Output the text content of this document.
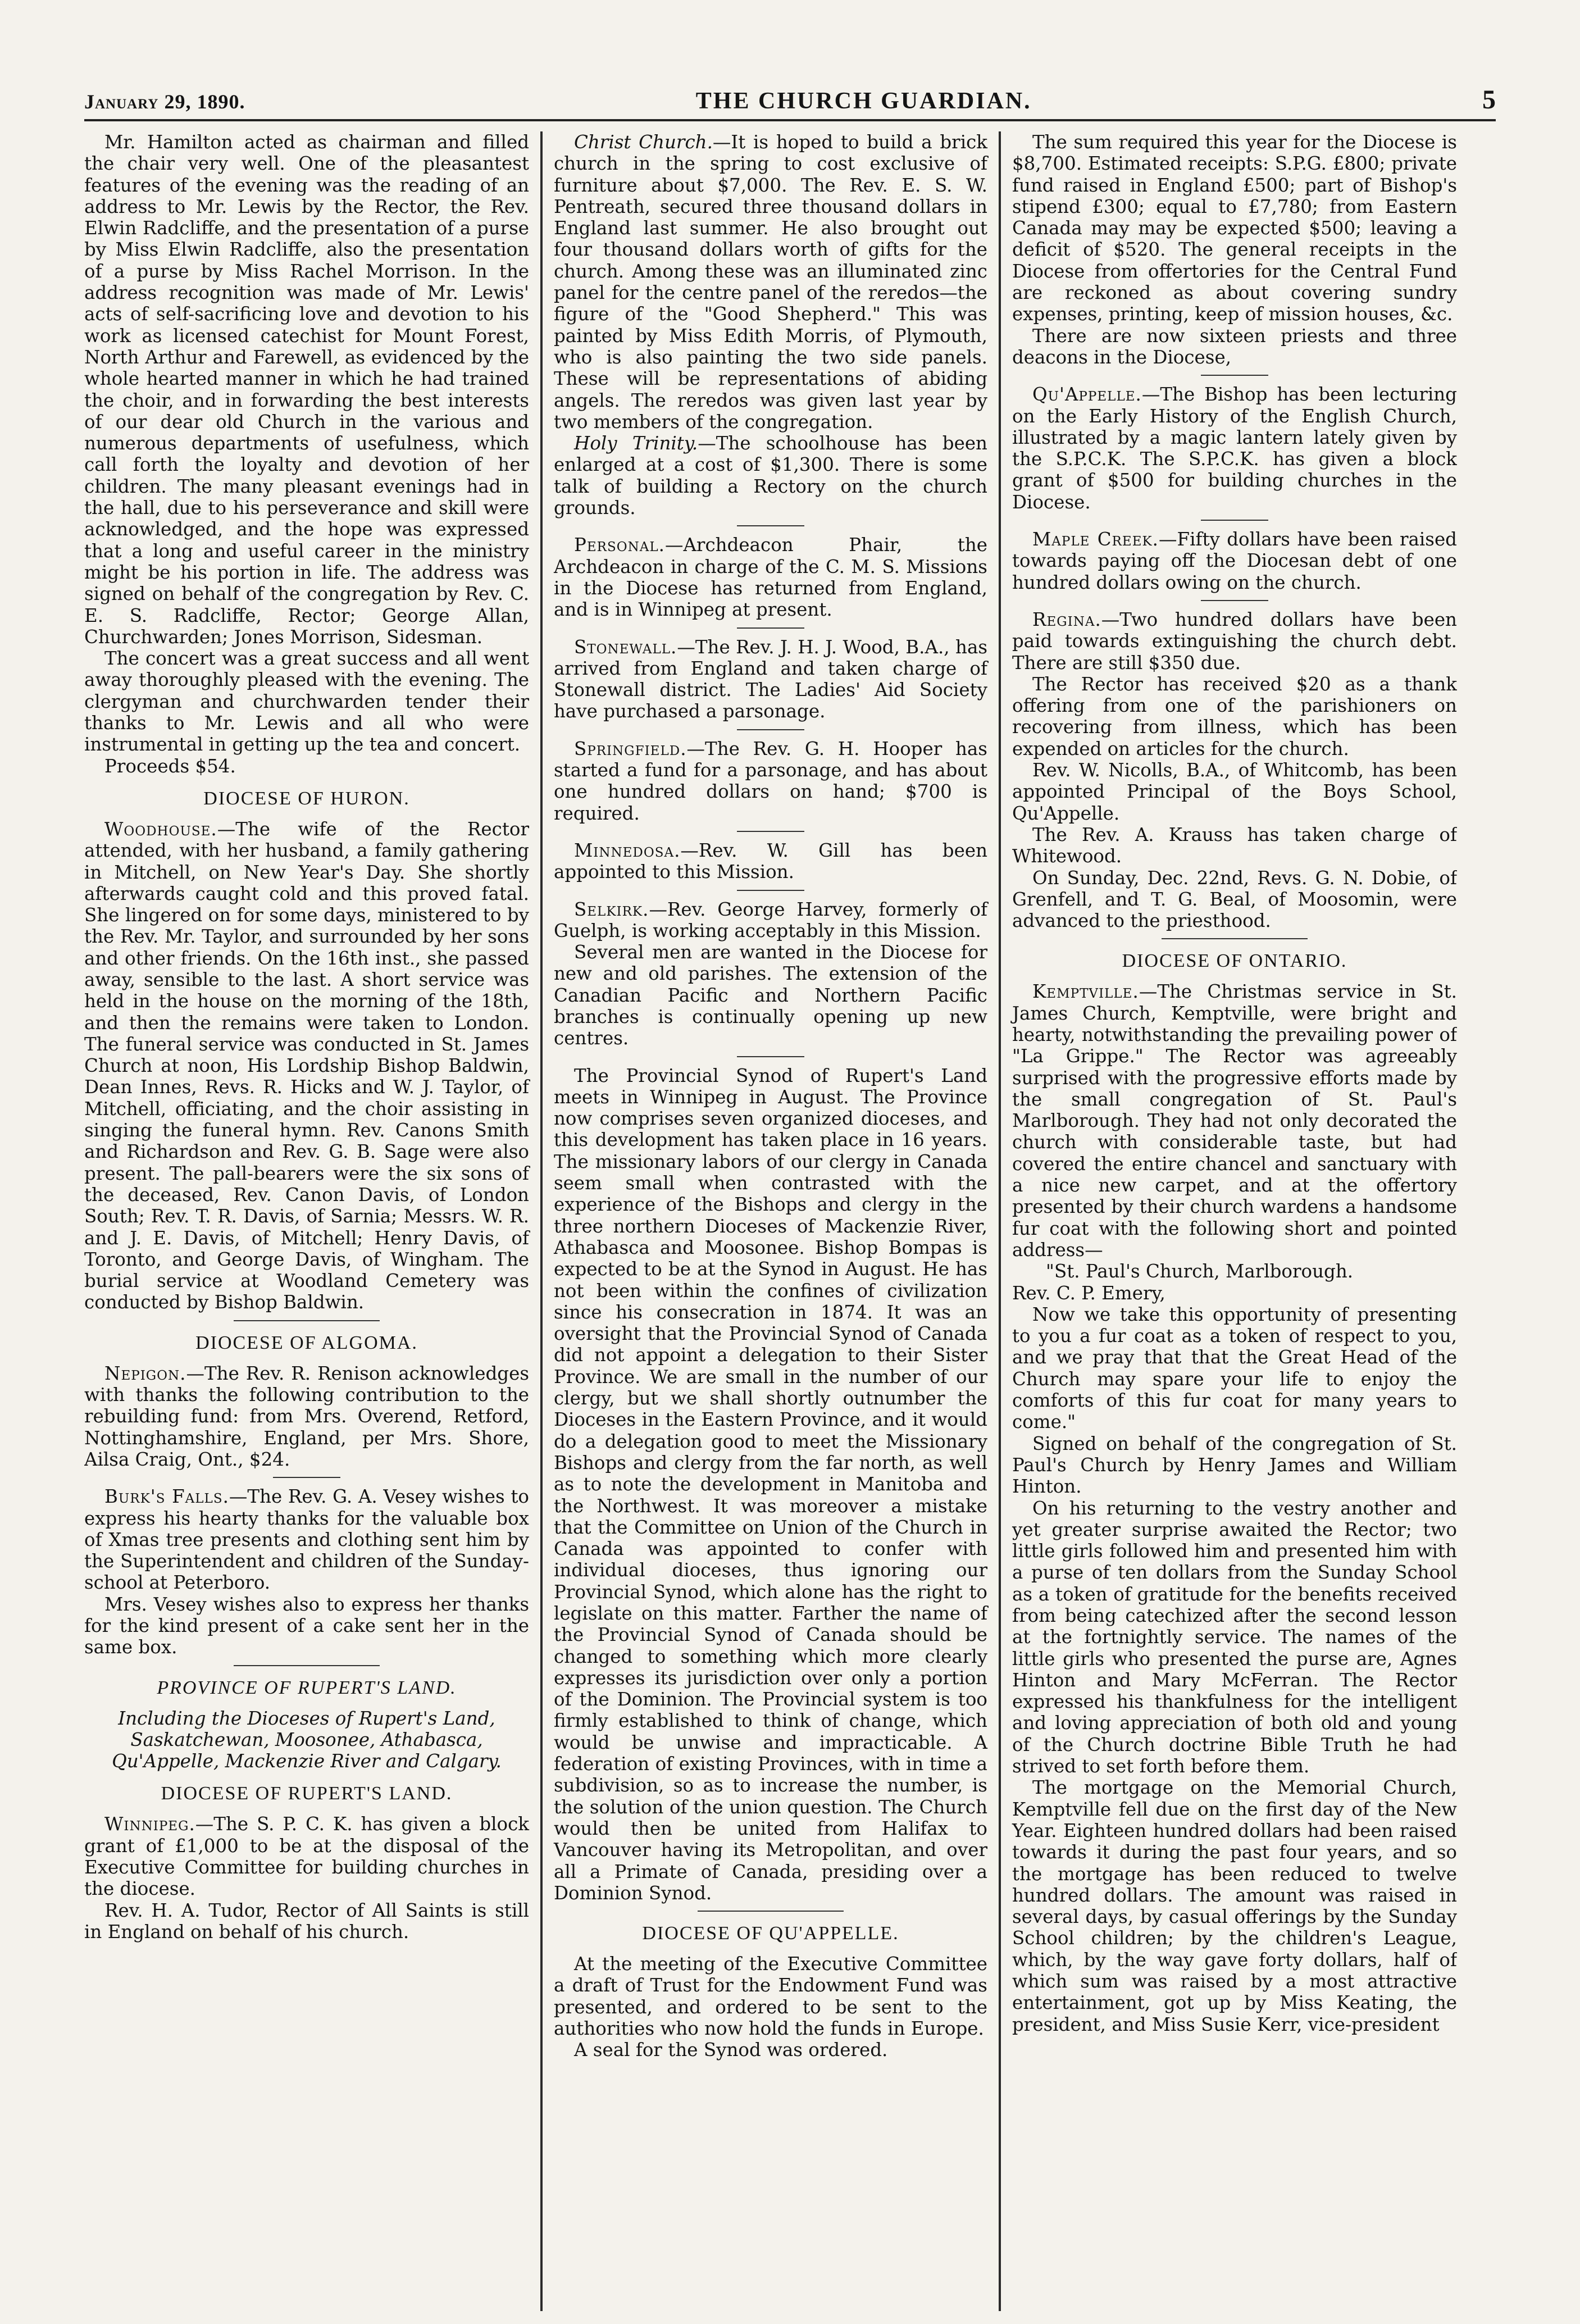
January 29, 1890.	THE CHURCH GUARDIAN.	5

Mr. Hamilton acted as chairman and filled the chair very well. One of the pleasantest features of the evening was the reading of an address to Mr. Lewis by the Rector, the Rev. Elwin Radcliffe, and the presentation of a purse by Miss Elwin Radcliffe, also the presentation of a purse by Miss Rachel Morrison. In the address recognition was made of Mr. Lewis' acts of self-sacrificing love and devotion to his work as licensed catechist for Mount Forest, North Arthur and Farewell, as evidenced by the whole hearted manner in which he had trained the choir, and in forwarding the best interests of our dear old Church in the various and numerous departments of usefulness, which call forth the loyalty and devotion of her children. The many pleasant evenings had in the hall, due to his perseverance and skill were acknowledged, and the hope was expressed that a long and useful career in the ministry might be his portion in life. The address was signed on behalf of the congregation by Rev. C. E. S. Radcliffe, Rector; George Allan, Churchwarden; Jones Morrison, Sidesman.

The concert was a great success and all went away thoroughly pleased with the evening. The clergyman and churchwarden tender their thanks to Mr. Lewis and all who were instrumental in getting up the tea and concert.

Proceeds $54.

DIOCESE OF HURON.

Woodhouse.—The wife of the Rector attended, with her husband, a family gathering in Mitchell, on New Year's Day. She shortly afterwards caught cold and this proved fatal. She lingered on for some days, ministered to by the Rev. Mr. Taylor, and surrounded by her sons and other friends. On the 16th inst., she passed away, sensible to the last. A short service was held in the house on the morning of the 18th, and then the remains were taken to London. The funeral service was conducted in St. James Church at noon, His Lordship Bishop Baldwin, Dean Innes, Revs. R. Hicks and W. J. Taylor, of Mitchell, officiating, and the choir assisting in singing the funeral hymn. Rev. Canons Smith and Richardson and Rev. G. B. Sage were also present. The pall-bearers were the six sons of the deceased, Rev. Canon Davis, of London South; Rev. T. R. Davis, of Sarnia; Messrs. W. R. and J. E. Davis, of Mitchell; Henry Davis, of Toronto, and George Davis, of Wingham. The burial service at Woodland Cemetery was conducted by Bishop Baldwin.

DIOCESE OF ALGOMA.

Nepigon.—The Rev. R. Renison acknowledges with thanks the following contribution to the rebuilding fund: from Mrs. Overend, Retford, Nottinghamshire, England, per Mrs. Shore, Ailsa Craig, Ont., $24.

Burk's Falls.—The Rev. G. A. Vesey wishes to express his hearty thanks for the valuable box of Xmas tree presents and clothing sent him by the Superintendent and children of the Sunday-school at Peterboro.

Mrs. Vesey wishes also to express her thanks for the kind present of a cake sent her in the same box.

PROVINCE OF RUPERT'S LAND.

Including the Dioceses of Rupert's Land, Saskatchewan, Moosonee, Athabasca, Qu'Appelle, Mackenzie River and Calgary.

DIOCESE OF RUPERT'S LAND.

Winnipeg.—The S. P. C. K. has given a block grant of £1,000 to be at the disposal of the Executive Committee for building churches in the diocese.

Rev. H. A. Tudor, Rector of All Saints is still in England on behalf of his church.

Christ Church.—It is hoped to build a brick church in the spring to cost exclusive of furniture about $7,000. The Rev. E. S. W. Pentreath, secured three thousand dollars in England last summer. He also brought out four thousand dollars worth of gifts for the church. Among these was an illuminated zinc panel for the centre panel of the reredos—the figure of the "Good Shepherd." This was painted by Miss Edith Morris, of Plymouth, who is also painting the two side panels. These will be representations of abiding angels. The reredos was given last year by two members of the congregation.

Holy Trinity.—The schoolhouse has been enlarged at a cost of $1,300. There is some talk of building a Rectory on the church grounds.

Personal.—Archdeacon Phair, the Archdeacon in charge of the C. M. S. Missions in the Diocese has returned from England, and is in Winnipeg at present.

Stonewall.—The Rev. J. H. J. Wood, B.A., has arrived from England and taken charge of Stonewall district. The Ladies' Aid Society have purchased a parsonage.

Springfield.—The Rev. G. H. Hooper has started a fund for a parsonage, and has about one hundred dollars on hand; $700 is required.

Minnedosa.—Rev. W. Gill has been appointed to this Mission.

Selkirk.—Rev. George Harvey, formerly of Guelph, is working acceptably in this Mission.

Several men are wanted in the Diocese for new and old parishes. The extension of the Canadian Pacific and Northern Pacific branches is continually opening up new centres.

The Provincial Synod of Rupert's Land meets in Winnipeg in August. The Province now comprises seven organized dioceses, and this development has taken place in 16 years. The missionary labors of our clergy in Canada seem small when contrasted with the experience of the Bishops and clergy in the three northern Dioceses of Mackenzie River, Athabasca and Moosonee. Bishop Bompas is expected to be at the Synod in August. He has not been within the confines of civilization since his consecration in 1874. It was an oversight that the Provincial Synod of Canada did not appoint a delegation to their Sister Province. We are small in the number of our clergy, but we shall shortly outnumber the Dioceses in the Eastern Province, and it would do a delegation good to meet the Missionary Bishops and clergy from the far north, as well as to note the development in Manitoba and the Northwest. It was moreover a mistake that the Committee on Union of the Church in Canada was appointed to confer with individual dioceses, thus ignoring our Provincial Synod, which alone has the right to legislate on this matter. Farther the name of the Provincial Synod of Canada should be changed to something which more clearly expresses its jurisdiction over only a portion of the Dominion. The Provincial system is too firmly established to think of change, which would be unwise and impracticable. A federation of existing Provinces, with in time a subdivision, so as to increase the number, is the solution of the union question. The Church would then be united from Halifax to Vancouver having its Metropolitan, and over all a Primate of Canada, presiding over a Dominion Synod.

DIOCESE OF QU'APPELLE.

At the meeting of the Executive Committee a draft of Trust for the Endowment Fund was presented, and ordered to be sent to the authorities who now hold the funds in Europe.

A seal for the Synod was ordered.

The sum required this year for the Diocese is $8,700. Estimated receipts: S.P.G. £800; private fund raised in England £500; part of Bishop's stipend £300; equal to £7,780; from Eastern Canada may may be expected $500; leaving a deficit of $520. The general receipts in the Diocese from offertories for the Central Fund are reckoned as about covering sundry expenses, printing, keep of mission houses, &c.

There are now sixteen priests and three deacons in the Diocese,

Qu'Appelle.—The Bishop has been lecturing on the Early History of the English Church, illustrated by a magic lantern lately given by the S.P.C.K. The S.P.C.K. has given a block grant of $500 for building churches in the Diocese.

Maple Creek.—Fifty dollars have been raised towards paying off the Diocesan debt of one hundred dollars owing on the church.

Regina.—Two hundred dollars have been paid towards extinguishing the church debt. There are still $350 due.

The Rector has received $20 as a thank offering from one of the parishioners on recovering from illness, which has been expended on articles for the church.

Rev. W. Nicolls, B.A., of Whitcomb, has been appointed Principal of the Boys School, Qu'Appelle.

The Rev. A. Krauss has taken charge of Whitewood.

On Sunday, Dec. 22nd, Revs. G. N. Dobie, of Grenfell, and T. G. Beal, of Moosomin, were advanced to the priesthood.

DIOCESE OF ONTARIO.

Kemptville.—The Christmas service in St. James Church, Kemptville, were bright and hearty, notwithstanding the prevailing power of "La Grippe." The Rector was agreeably surprised with the progressive efforts made by the small congregation of St. Paul's Marlborough. They had not only decorated the church with considerable taste, but had covered the entire chancel and sanctuary with a nice new carpet, and at the offertory presented by their church wardens a handsome fur coat with the following short and pointed address—

"St. Paul's Church, Marlborough.

Rev. C. P. Emery,

Now we take this opportunity of presenting to you a fur coat as a token of respect to you, and we pray that that the Great Head of the Church may spare your life to enjoy the comforts of this fur coat for many years to come."

Signed on behalf of the congregation of St. Paul's Church by Henry James and William Hinton.

On his returning to the vestry another and yet greater surprise awaited the Rector; two little girls followed him and presented him with a purse of ten dollars from the Sunday School as a token of gratitude for the benefits received from being catechized after the second lesson at the fortnightly service. The names of the little girls who presented the purse are, Agnes Hinton and Mary McFerran. The Rector expressed his thankfulness for the intelligent and loving appreciation of both old and young of the Church doctrine Bible Truth he had strived to set forth before them.

The mortgage on the Memorial Church, Kemptville fell due on the first day of the New Year. Eighteen hundred dollars had been raised towards it during the past four years, and so the mortgage has been reduced to twelve hundred dollars. The amount was raised in several days, by casual offerings by the Sunday School children; by the children's League, which, by the way gave forty dollars, half of which sum was raised by a most attractive entertainment, got up by Miss Keating, the president, and Miss Susie Kerr, vice-president
